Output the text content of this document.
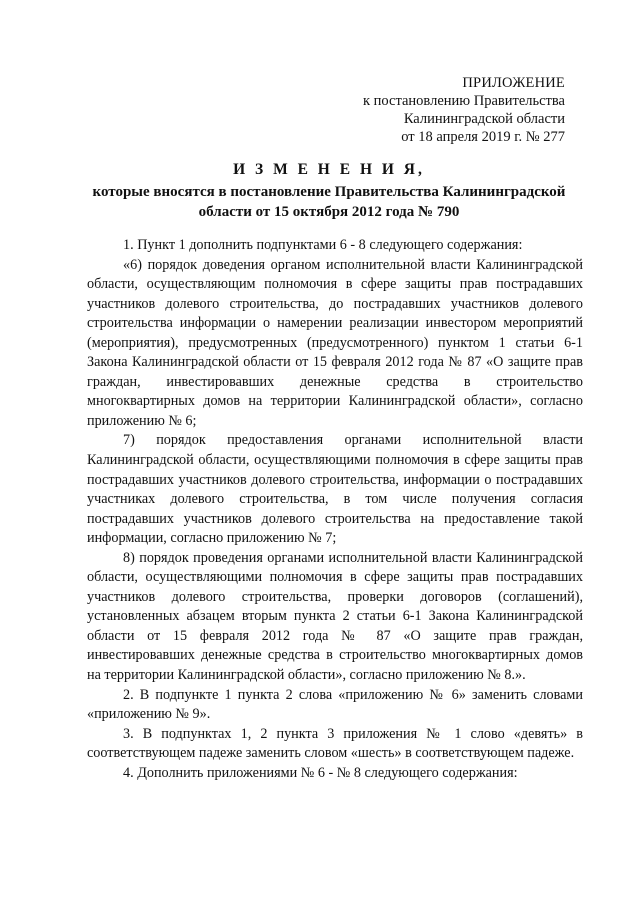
ПРИЛОЖЕНИЕ
к постановлению Правительства
Калининградской области
от 18 апреля 2019 г. № 277
И З М Е Н Е Н И Я,
которые вносятся в постановление Правительства Калининградской области от 15 октября 2012 года № 790

1. Пункт 1 дополнить подпунктами 6 - 8 следующего содержания:

«6) порядок доведения органом исполнительной власти Калининградской области, осуществляющим полномочия в сфере защиты прав пострадавших участников долевого строительства, до пострадавших участников долевого строительства информации о намерении реализации инвестором мероприятий (мероприятия), предусмотренных (предусмотренного) пунктом 1 статьи 6-1 Закона Калининградской области от 15 февраля 2012 года № 87 «О защите прав граждан, инвестировавших денежные средства в строительство многоквартирных домов на территории Калининградской области», согласно приложению № 6;

7) порядок предоставления органами исполнительной власти Калининградской области, осуществляющими полномочия в сфере защиты прав пострадавших участников долевого строительства, информации о пострадавших участниках долевого строительства, в том числе получения согласия пострадавших участников долевого строительства на предоставление такой информации, согласно приложению № 7;

8) порядок проведения органами исполнительной власти Калининградской области, осуществляющими полномочия в сфере защиты прав пострадавших участников долевого строительства, проверки договоров (соглашений), установленных абзацем вторым пункта 2 статьи 6-1 Закона Калининградской области от 15 февраля 2012 года № 87 «О защите прав граждан, инвестировавших денежные средства в строительство многоквартирных домов на территории Калининградской области», согласно приложению № 8.».

2. В подпункте 1 пункта 2 слова «приложению № 6» заменить словами «приложению № 9».

3. В подпунктах 1, 2 пункта 3 приложения № 1 слово «девять» в соответствующем падеже заменить словом «шесть» в соответствующем падеже.

4. Дополнить приложениями № 6 - № 8 следующего содержания:
